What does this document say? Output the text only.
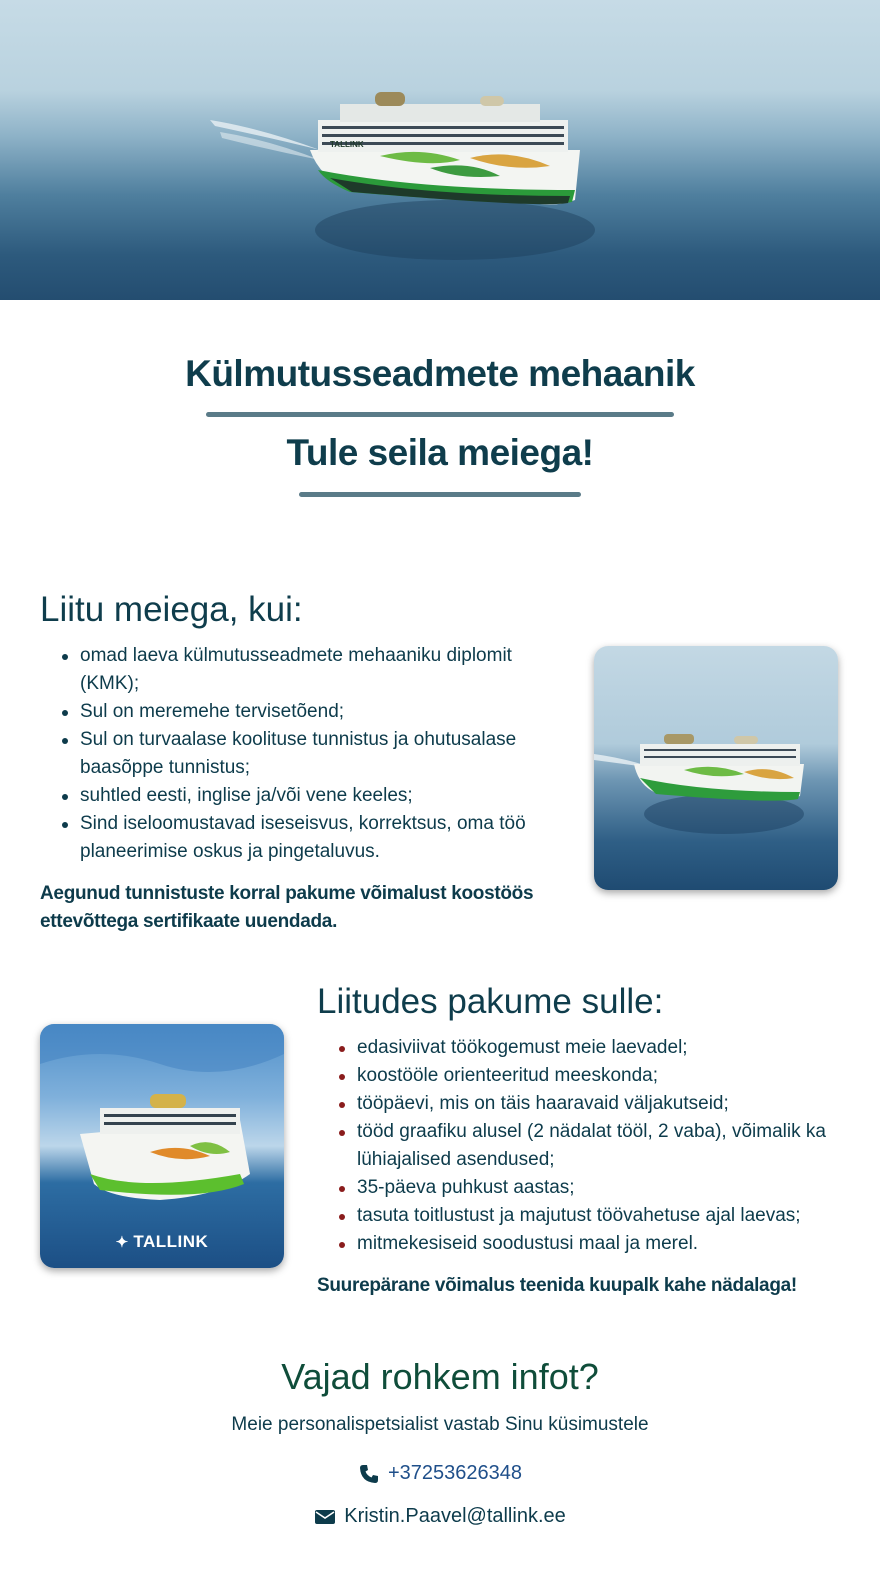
TALLINK
Külmutusseadmete mehaanik
Tule seila meiega!
Liitu meiega, kui:
omad laeva külmutusseadmete mehaaniku diplomit (KMK);
Sul on meremehe tervisetõend;
Sul on turvaalase koolituse tunnistus ja ohutusalase baasõppe tunnistus;
suhtled eesti, inglise ja/või vene keeles;
Sind iseloomustavad iseseisvus, korrektsus, oma töö planeerimise oskus ja pingetaluvus.

Aegunud tunnistuste korral pakume võimalust koostöös ettevõttega sertifikaate uuendada.

✦ TALLINK
Liitudes pakume sulle:
edasiviivat töökogemust meie laevadel;
koostööle orienteeritud meeskonda;
tööpäevi, mis on täis haaravaid väljakutseid;
tööd graafiku alusel (2 nädalat tööl, 2 vaba), võimalik ka lühiajalised asendused;
35-päeva puhkust aastas;
tasuta toitlustust ja majutust töövahetuse ajal laevas;
mitmekesiseid soodustusi maal ja merel.

Suurepärane võimalus teenida kuupalk kahe nädalaga!

Vajad rohkem infot?

Meie personalispetsialist vastab Sinu küsimustele

+37253626348
Kristin.Paavel@tallink.ee
